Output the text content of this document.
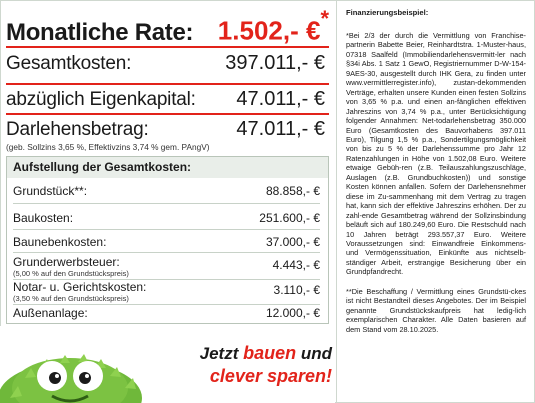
Monatliche Rate: 1.502,- €*
Gesamtkosten:	397.011,- €
abzüglich Eigenkapital: 47.011,- €
Darlehensbetrag:	47.011,- €
(geb. Sollzins 3,65 %, Effektivzins 3,74 % gem. PAngV)
Aufstellung der Gesamtkosten:
Grundstück**:	88.858,- €
Baukosten:	251.600,- €
Baunebenkosten:	37.000,- €
Grunderwerbsteuer:
(5,00 % auf den Grundstückspreis)
4.443,- €
Notar- u. Gerichtskosten:
(3,50 % auf den Grundstückspreis)
3.110,- €
Außenanlage:	12.000,- €
Jetzt bauen und
clever sparen!
Finanzierungsbeispiel:
*Bei 2/3 der durch die Vermittlung von Franchise-partnerin Babette Beier, Reinhardtstra. 1-Muster-haus, 07318 Saalfeld (Immobiliendarlehensvermitt-ler nach §34i Abs. 1 Satz 1 GewO, Registriernummer D-W-154-9AES-30, ausgestellt durch IHK Gera, zu finden unter www.vermittlerregister.info), zustan-dekommenden Verträge, erhalten unsere Kunden einen festen Sollzins von 3,65 % p.a. und einen an-fänglichen effektiven Jahreszins von 3,74 % p.a., unter Berücksichtigung folgender Annahmen: Net-todarlehensbetrag 350.000 Euro (Gesamtkosten des Bauvorhabens 397.011 Euro), Tilgung 1,5 % p.a., Sondertilgungsmöglichkeit von bis zu 5 % der Darlehenssumme pro Jahr 12 Ratenzahlungen in Höhe von 1.502,08 Euro. Weitere etwaige Gebüh-ren (z.B. Teilauszahlungszuschläge, Auslagen (z.B. Grundbuchkosten)) und sonstige Kosten können anfallen. Sofern der Darlehensnehmer diese im Zu-sammenhang mit dem Vertrag zu tragen hat, kann sich der effektive Jahreszins erhöhen. Der zu zahl-ende Gesamtbetrag während der Sollzinsbindung beläuft sich auf 180.249,60 Euro. Die Restschuld nach 10 Jahren beträgt 293.557,37 Euro. Weitere Voraussetzungen sind: Einwandfreie Einkommens- und Vermögenssituation, Einkünfte aus nichtselb-ständiger Arbeit, erstrangige Besicherung über ein Grundpfandrecht.
**Die Beschaffung / Vermittlung eines Grundstü-ckes ist nicht Bestandteil dieses Angebotes. Der im Beispiel genannte Grundstückskaufpreis hat ledig-lich exemplarischen Charakter. Alle Daten basieren auf dem Stand vom 28.10.2025.
